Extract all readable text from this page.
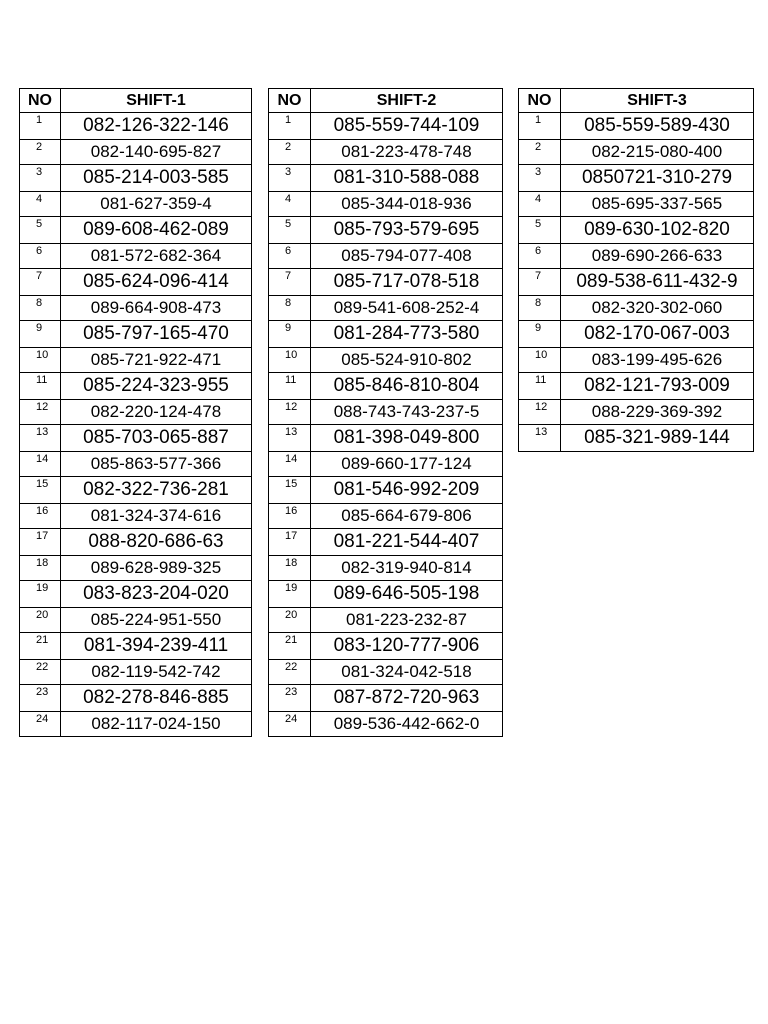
NO	SHIFT-1
1	082-126-322-146
2	082-140-695-827
3	085-214-003-585
4	081-627-359-4
5	089-608-462-089
6	081-572-682-364
7	085-624-096-414
8	089-664-908-473
9	085-797-165-470
10	085-721-922-471
11	085-224-323-955
12	082-220-124-478
13	085-703-065-887
14	085-863-577-366
15	082-322-736-281
16	081-324-374-616
17	088-820-686-63
18	089-628-989-325
19	083-823-204-020
20	085-224-951-550
21	081-394-239-411
22	082-119-542-742
23	082-278-846-885
24	082-117-024-150
NO	SHIFT-2
1	085-559-744-109
2	081-223-478-748
3	081-310-588-088
4	085-344-018-936
5	085-793-579-695
6	085-794-077-408
7	085-717-078-518
8	089-541-608-252-4
9	081-284-773-580
10	085-524-910-802
11	085-846-810-804
12	088-743-743-237-5
13	081-398-049-800
14	089-660-177-124
15	081-546-992-209
16	085-664-679-806
17	081-221-544-407
18	082-319-940-814
19	089-646-505-198
20	081-223-232-87
21	083-120-777-906
22	081-324-042-518
23	087-872-720-963
24	089-536-442-662-0
NO	SHIFT-3
1	085-559-589-430
2	082-215-080-400
3	0850721-310-279
4	085-695-337-565
5	089-630-102-820
6	089-690-266-633
7	089-538-611-432-9
8	082-320-302-060
9	082-170-067-003
10	083-199-495-626
11	082-121-793-009
12	088-229-369-392
13	085-321-989-144
